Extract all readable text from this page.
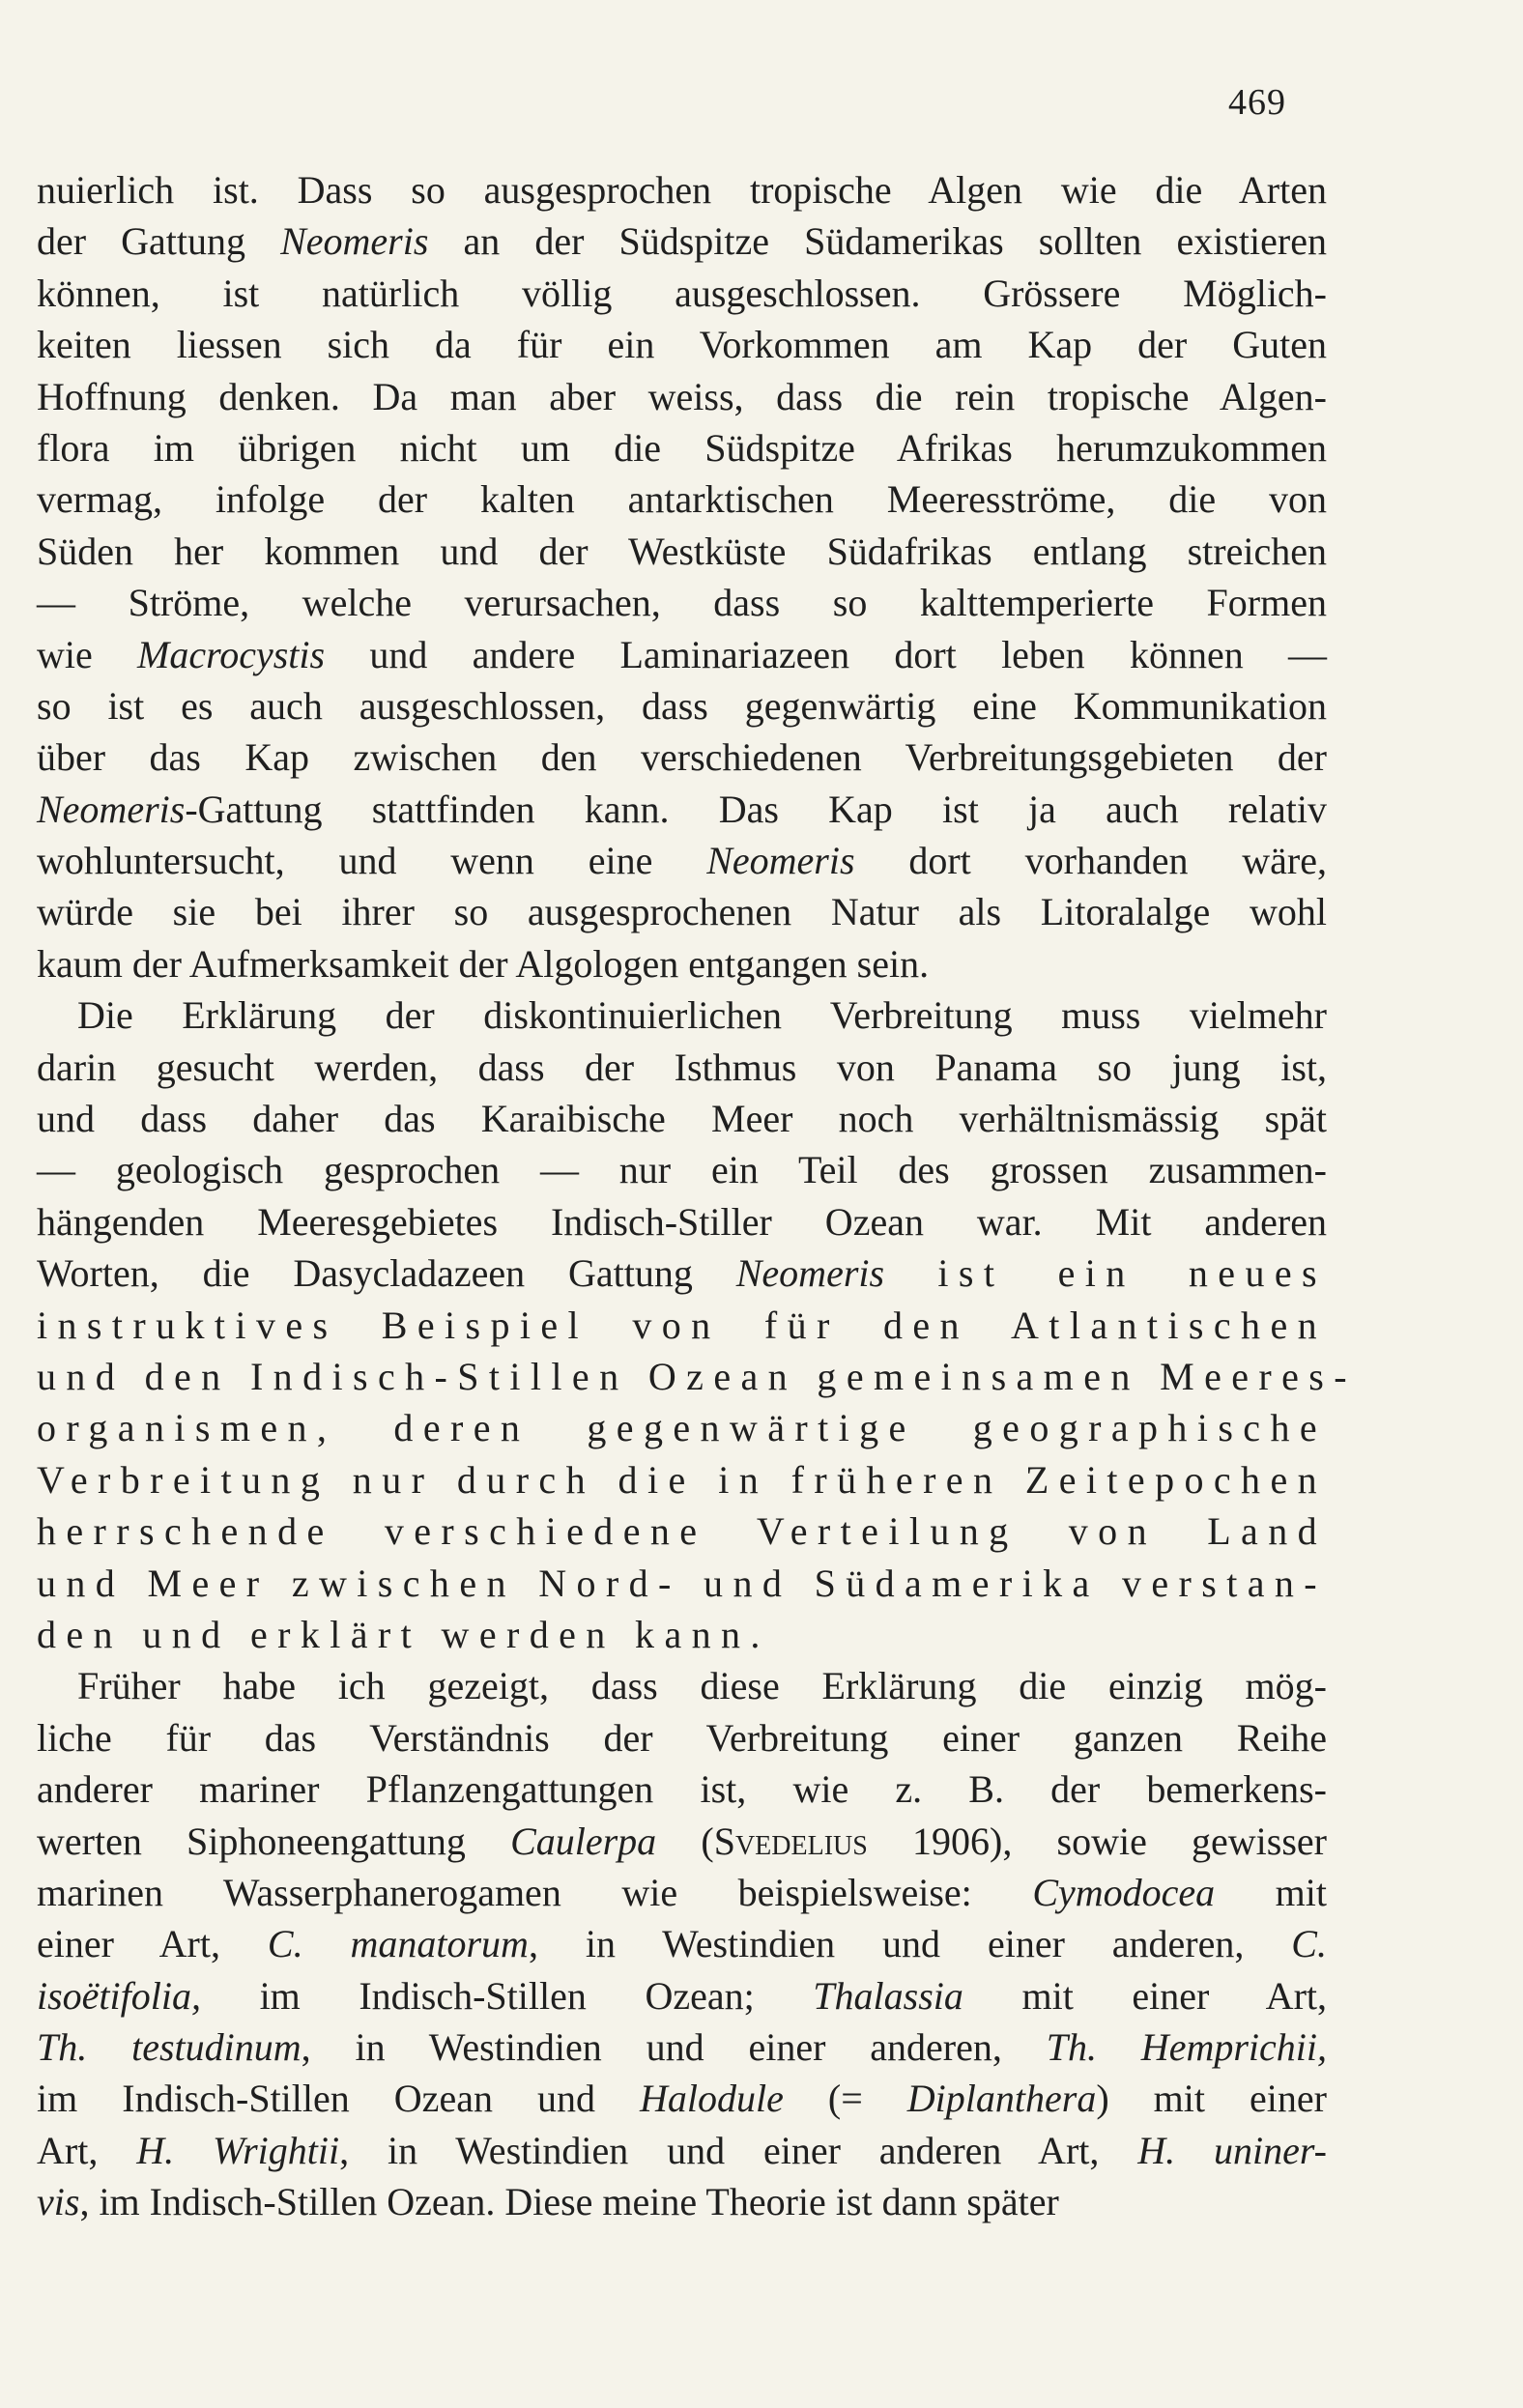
469
nuierlich ist. Dass so ausgesprochen tropische Algen wie die Arten
der Gattung Neomeris an der Südspitze Südamerikas sollten existieren
können, ist natürlich völlig ausgeschlossen. Grössere Möglich-
keiten liessen sich da für ein Vorkommen am Kap der Guten
Hoffnung denken. Da man aber weiss, dass die rein tropische Algen-
flora im übrigen nicht um die Südspitze Afrikas herumzukommen
vermag, infolge der kalten antarktischen Meeresströme, die von
Süden her kommen und der Westküste Südafrikas entlang streichen
— Ströme, welche verursachen, dass so kalttemperierte Formen
wie Macrocystis und andere Laminariazeen dort leben können —
so ist es auch ausgeschlossen, dass gegenwärtig eine Kommunikation
über das Kap zwischen den verschiedenen Verbreitungsgebieten der
Neomeris-Gattung stattfinden kann. Das Kap ist ja auch relativ
wohluntersucht, und wenn eine Neomeris dort vorhanden wäre,
würde sie bei ihrer so ausgesprochenen Natur als Litoralalge wohl
kaum der Aufmerksamkeit der Algologen entgangen sein.
Die Erklärung der diskontinuierlichen Verbreitung muss vielmehr
darin gesucht werden, dass der Isthmus von Panama so jung ist,
und dass daher das Karaibische Meer noch verhältnismässig spät
— geologisch gesprochen — nur ein Teil des grossen zusammen-
hängenden Meeresgebietes Indisch-Stiller Ozean war. Mit anderen
Worten, die Dasycladazeen Gattung Neomeris ist ein neues
instruktives Beispiel von für den Atlantischen
und den Indisch-Stillen Ozean gemeinsamen Meeres-
organismen, deren gegenwärtige geographische
Verbreitung nur durch die in früheren Zeitepochen
herrschende verschiedene Verteilung von Land
und Meer zwischen Nord- und Südamerika verstan-
den und erklärt werden kann.
Früher habe ich gezeigt, dass diese Erklärung die einzig mög-
liche für das Verständnis der Verbreitung einer ganzen Reihe
anderer mariner Pflanzengattungen ist, wie z. B. der bemerkens-
werten Siphoneengattung Caulerpa (Svedelius 1906), sowie gewisser
marinen Wasserphanerogamen wie beispielsweise: Cymodocea mit
einer Art, C. manatorum, in Westindien und einer anderen, C.
isoëtifolia, im Indisch-Stillen Ozean; Thalassia mit einer Art,
Th. testudinum, in Westindien und einer anderen, Th. Hemprichii,
im Indisch-Stillen Ozean und Halodule (= Diplanthera) mit einer
Art, H. Wrightii, in Westindien und einer anderen Art, H. uniner-
vis, im Indisch-Stillen Ozean. Diese meine Theorie ist dann später
